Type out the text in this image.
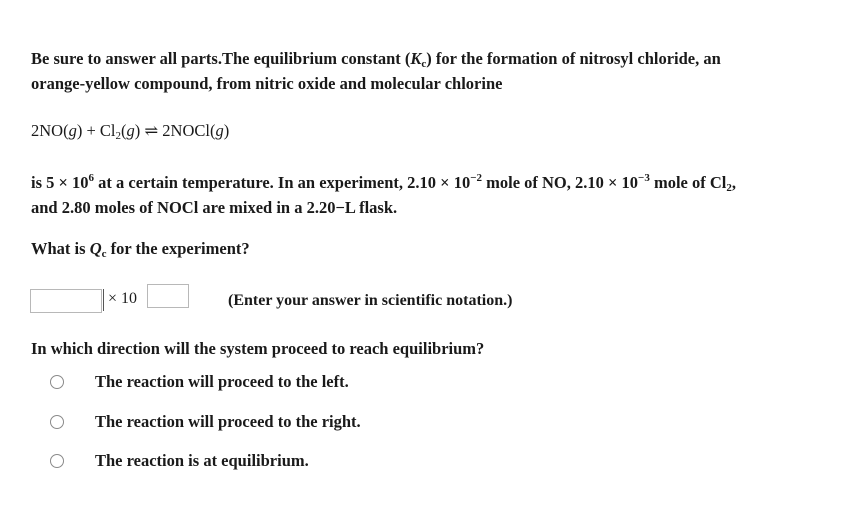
Be sure to answer all parts.The equilibrium constant $(K_c)$ for the formation of nitrosyl chloride, an
orange-yellow compound, from nitric oxide and molecular chlorine
$2NO(g) + Cl_2(g)$ ⇌ 2NOCl(g)
is $5 \times 10^6$ at a certain temperature. In an experiment, $2.10 \times 10^{-2}$ mole of NO, $2.10 \times 10^{-3}$ mole of $Cl_2$,
and 2.80 moles of NOCl are mixed in a 2.20−L flask.
What is $Q_c$ for the experiment?
× 10	(Enter your answer in scientific notation.)
In which direction will the system proceed to reach equilibrium?
The reaction will proceed to the left.
The reaction will proceed to the right.
The reaction is at equilibrium.
